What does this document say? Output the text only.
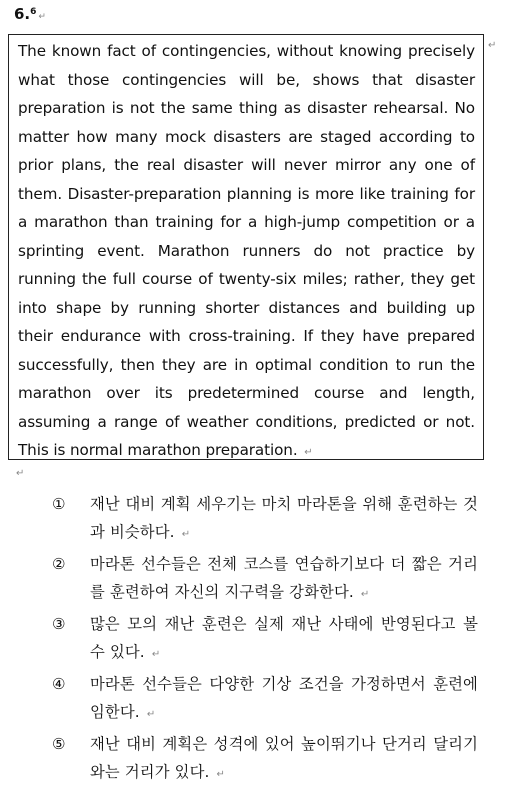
6.$^6$ ↵
The known fact of contingencies, without knowing precisely what those contingencies will be, shows that disaster preparation is not the same thing as disaster rehearsal. No matter how many mock disasters are staged according to prior plans, the real disaster will never mirror any one of them. Disaster-preparation planning is more like training for a marathon than training for a high-jump competition or a sprinting event. Marathon runners do not practice by running the full course of twenty-six miles; rather, they get into shape by running shorter distances and building up their endurance with cross-training. If they have prepared successfully, then they are in optimal condition to run the marathon over its predetermined course and length, assuming a range of weather conditions, predicted or not. This is normal marathon preparation. ↵
↵
↵
① 재난 대비 계획 세우기는 마치 마라톤을 위해 훈련하는 것과 비슷하다. ↵
② 마라톤 선수들은 전체 코스를 연습하기보다 더 짧은 거리를 훈련하여 자신의 지구력을 강화한다. ↵
③ 많은 모의 재난 훈련은 실제 재난 사태에 반영된다고 볼 수 있다. ↵
④ 마라톤 선수들은 다양한 기상 조건을 가정하면서 훈련에 임한다. ↵
⑤ 재난 대비 계획은 성격에 있어 높이뛰기나 단거리 달리기와는 거리가 있다. ↵
